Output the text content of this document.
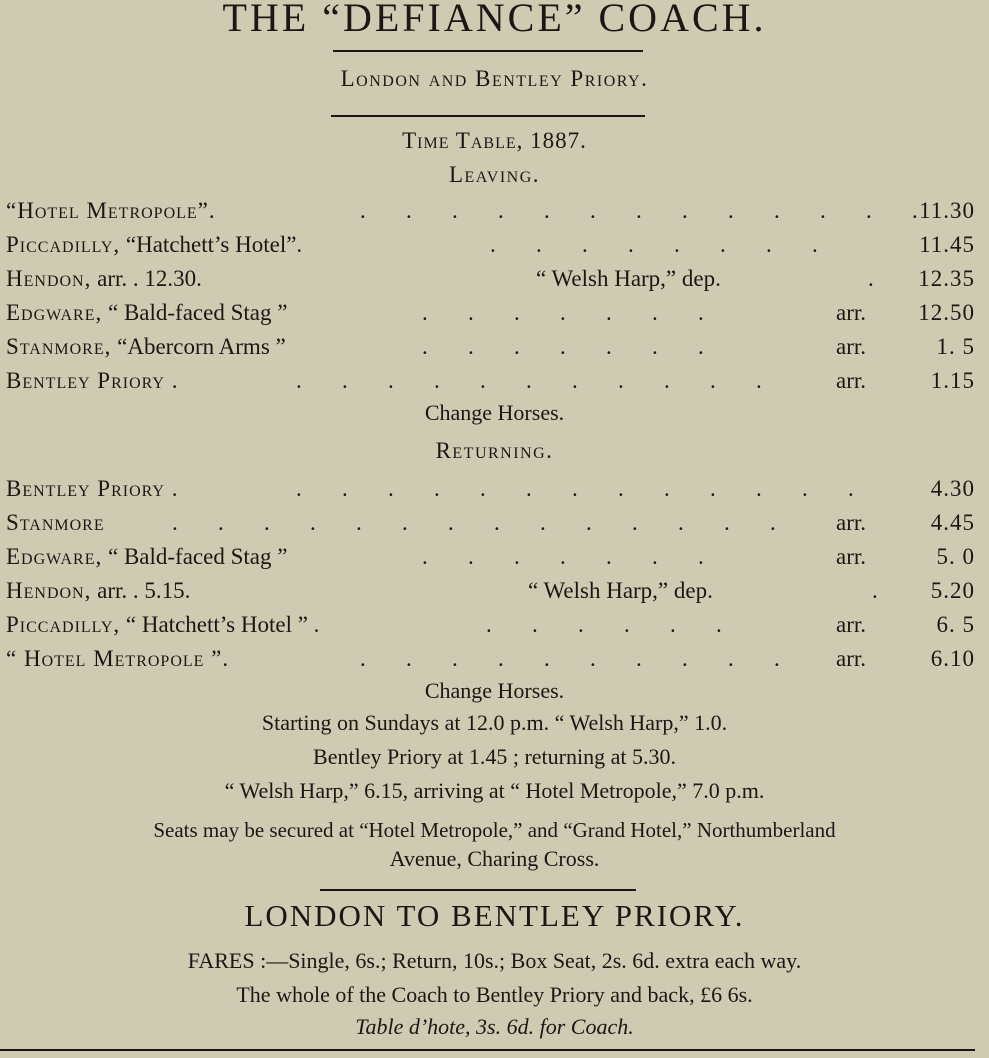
THE “DEFIANCE” COACH.
London and Bentley Priory.
Time Table, 1887.
Leaving.
“Hotel Metropole”.	.       .       .       .       .       .       .       .       .       .       .       .       . 11.30
Piccadilly, “Hatchett’s Hotel”.	.       .       .       .       .       .       .       .	11.45
Hendon, arr. . 12.30.	“ Welsh Harp,” dep.	. 12.35
Edgware, “ Bald-faced Stag ”	.       .       .       .       .       .       .	arr. 12.50
Stanmore, “Abercorn Arms ”	.       .       .       .       .       .       .	arr.	1. 5
Bentley Priory .	.       .       .       .       .       .       .       .       .       .       .	arr.	1.15
Change Horses.
Returning.
Bentley Priory .	.       .       .       .       .       .       .       .       .       .       .       .       .	4.30
Stanmore	.       .       .       .       .       .       .       .       .       .       .       .       .       .	arr.	4.45
Edgware, “ Bald-faced Stag ”	.       .       .       .       .       .       .	arr.	5. 0
Hendon, arr. . 5.15.	“ Welsh Harp,” dep.	. 5.20
Piccadilly, “ Hatchett’s Hotel ” .	.       .       .       .       .       .	arr.	6. 5
“ Hotel Metropole ”.	.       .       .       .       .       .       .       .       .       . arr.	6.10
Change Horses.
Starting on Sundays at 12.0 p.m. “ Welsh Harp,” 1.0.
Bentley Priory at 1.45 ; returning at 5.30.
“ Welsh Harp,” 6.15, arriving at “ Hotel Metropole,” 7.0 p.m.
Seats may be secured at “Hotel Metropole,” and “Grand Hotel,” Northumberland
Avenue, Charing Cross.
LONDON TO BENTLEY PRIORY.
FARES :—Single, 6s.; Return, 10s.; Box Seat, 2s. 6d. extra each way.
The whole of the Coach to Bentley Priory and back, £6 6s.
Table d’hote, 3s. 6d. for Coach.
